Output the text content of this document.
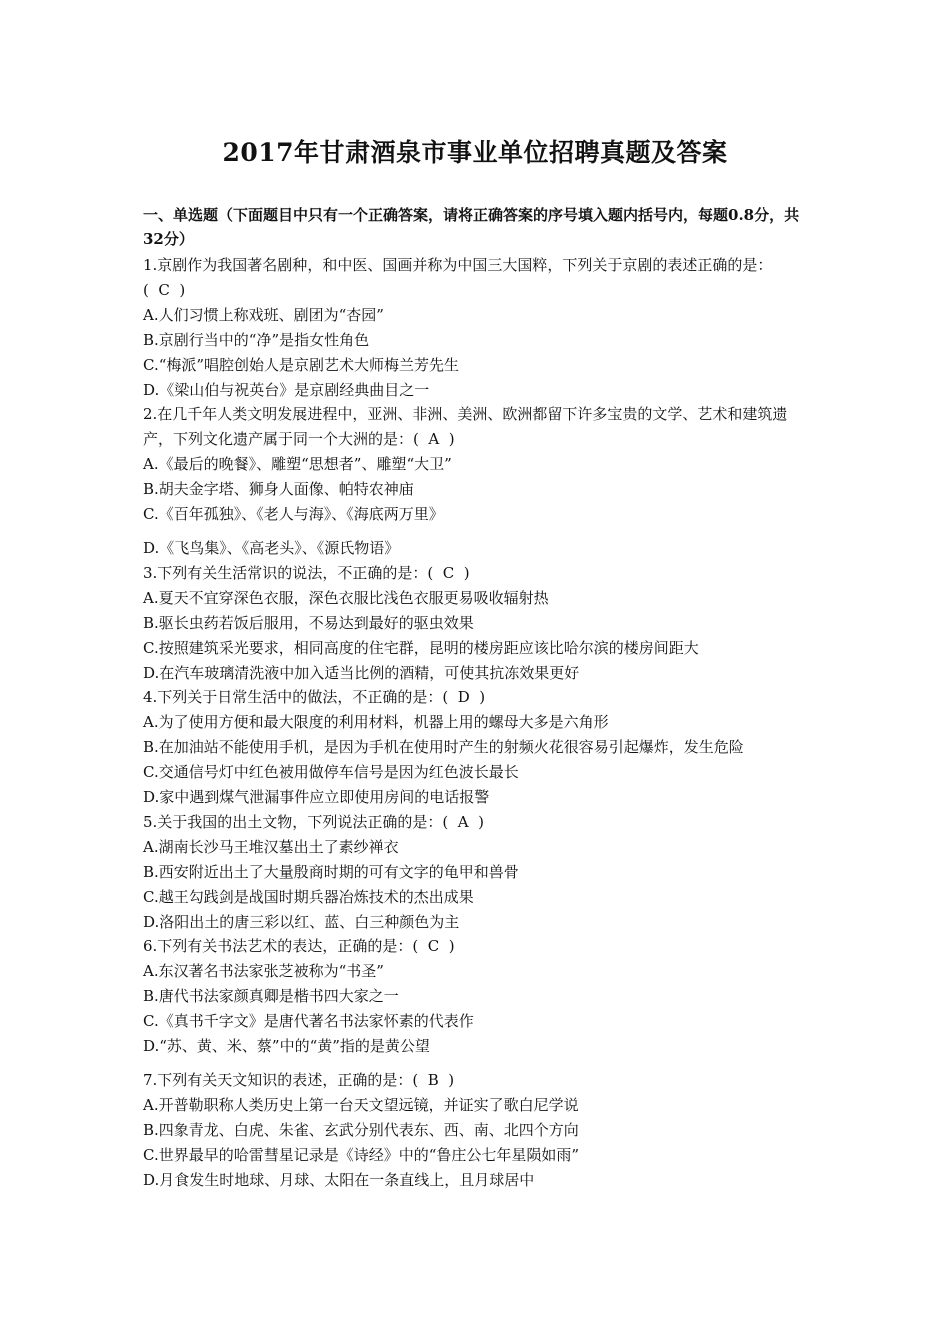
2017年甘肃酒泉市事业单位招聘真题及答案
一、单选题（下面题目中只有一个正确答案，请将正确答案的序号填入题内括号内，每题0.8分，共32分）

1.京剧作为我国著名剧种，和中医、国画并称为中国三大国粹，下列关于京剧的表述正确的是：(  C  )

A.人们习惯上称戏班、剧团为“杏园”

B.京剧行当中的“净”是指女性角色

C.“梅派”唱腔创始人是京剧艺术大师梅兰芳先生

D.《梁山伯与祝英台》是京剧经典曲目之一

2.在几千年人类文明发展进程中，亚洲、非洲、美洲、欧洲都留下许多宝贵的文学、艺术和建筑遗产，下列文化遗产属于同一个大洲的是：(  A  )

A.《最后的晚餐》、雕塑“思想者”、雕塑“大卫”

B.胡夫金字塔、狮身人面像、帕特农神庙

C.《百年孤独》、《老人与海》、《海底两万里》

D.《飞鸟集》、《高老头》、《源氏物语》

3.下列有关生活常识的说法，不正确的是：(  C  )

A.夏天不宜穿深色衣服，深色衣服比浅色衣服更易吸收辐射热

B.驱长虫药若饭后服用，不易达到最好的驱虫效果

C.按照建筑采光要求，相同高度的住宅群，昆明的楼房距应该比哈尔滨的楼房间距大

D.在汽车玻璃清洗液中加入适当比例的酒精，可使其抗冻效果更好

4.下列关于日常生活中的做法，不正确的是：(  D  )

A.为了使用方便和最大限度的利用材料，机器上用的螺母大多是六角形

B.在加油站不能使用手机，是因为手机在使用时产生的射频火花很容易引起爆炸，发生危险

C.交通信号灯中红色被用做停车信号是因为红色波长最长

D.家中遇到煤气泄漏事件应立即使用房间的电话报警

5.关于我国的出土文物，下列说法正确的是：(  A  )

A.湖南长沙马王堆汉墓出土了素纱禅衣

B.西安附近出土了大量殷商时期的可有文字的龟甲和兽骨

C.越王勾践剑是战国时期兵器冶炼技术的杰出成果

D.洛阳出土的唐三彩以红、蓝、白三种颜色为主

6.下列有关书法艺术的表达，正确的是：(  C  )

A.东汉著名书法家张芝被称为“书圣”

B.唐代书法家颜真卿是楷书四大家之一

C.《真书千字文》是唐代著名书法家怀素的代表作

D.“苏、黄、米、蔡”中的“黄”指的是黄公望

7.下列有关天文知识的表述，正确的是：(  B  )

A.开普勒职称人类历史上第一台天文望远镜，并证实了歌白尼学说

B.四象青龙、白虎、朱雀、玄武分别代表东、西、南、北四个方向

C.世界最早的哈雷彗星记录是《诗经》中的“鲁庄公七年星陨如雨”

D.月食发生时地球、月球、太阳在一条直线上，且月球居中
